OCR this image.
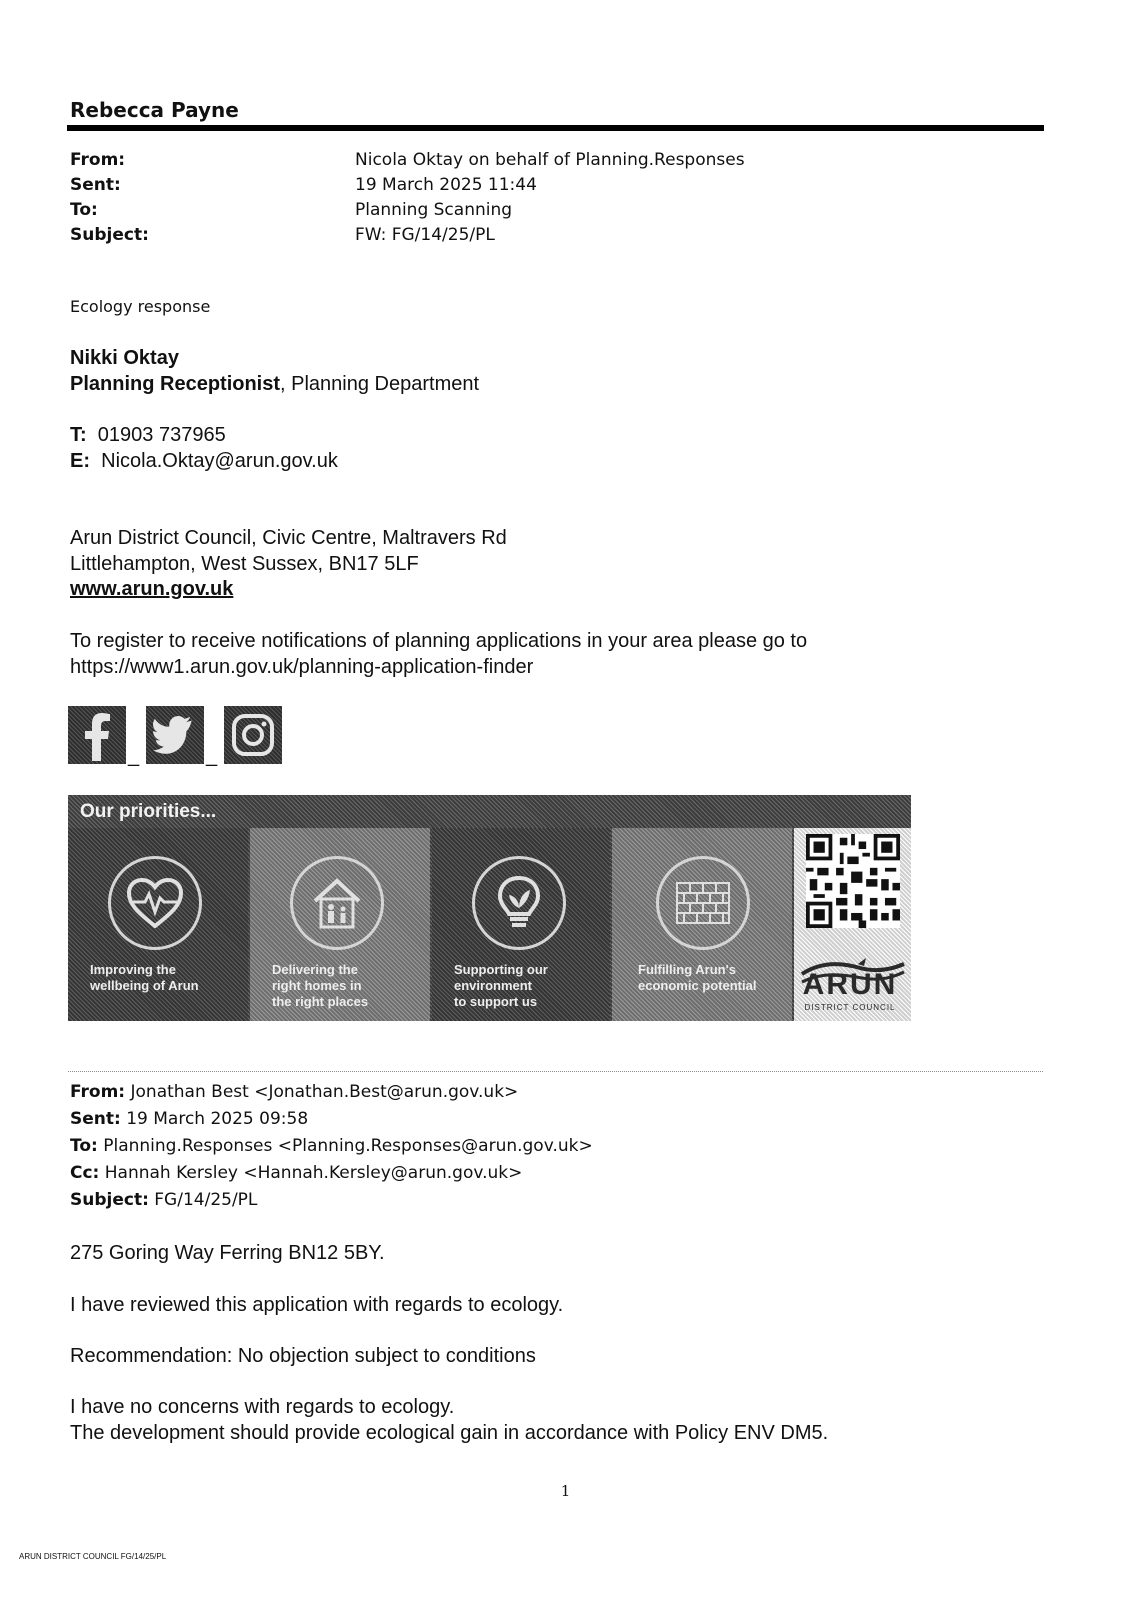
Rebecca Payne
From:	Nicola Oktay on behalf of Planning.Responses
Sent:	19 March 2025 11:44
To:	Planning Scanning
Subject:	FW: FG/14/25/PL
Ecology response
Nikki Oktay
Planning Receptionist, Planning Department
T: 01903 737965
E: Nicola.Oktay@arun.gov.uk
Arun District Council, Civic Centre, Maltravers Rd
Littlehampton, West Sussex, BN17 5LF
www.arun.gov.uk
To register to receive notifications of planning applications in your area please go to
https://www1.arun.gov.uk/planning-application-finder
_	_
Our priorities...
Improving the
wellbeing of Arun
Delivering the
right homes in
the right places
Supporting our
environment
to support us
Fulfilling Arun's
economic potential	ARUN
DISTRICT COUNCIL
From: Jonathan Best <Jonathan.Best@arun.gov.uk>
Sent: 19 March 2025 09:58
To: Planning.Responses <Planning.Responses@arun.gov.uk>
Cc: Hannah Kersley <Hannah.Kersley@arun.gov.uk>
Subject: FG/14/25/PL
275 Goring Way Ferring BN12 5BY.
I have reviewed this application with regards to ecology.
Recommendation: No objection subject to conditions
I have no concerns with regards to ecology.
The development should provide ecological gain in accordance with Policy ENV DM5.
1
ARUN DISTRICT COUNCIL FG/14/25/PL
